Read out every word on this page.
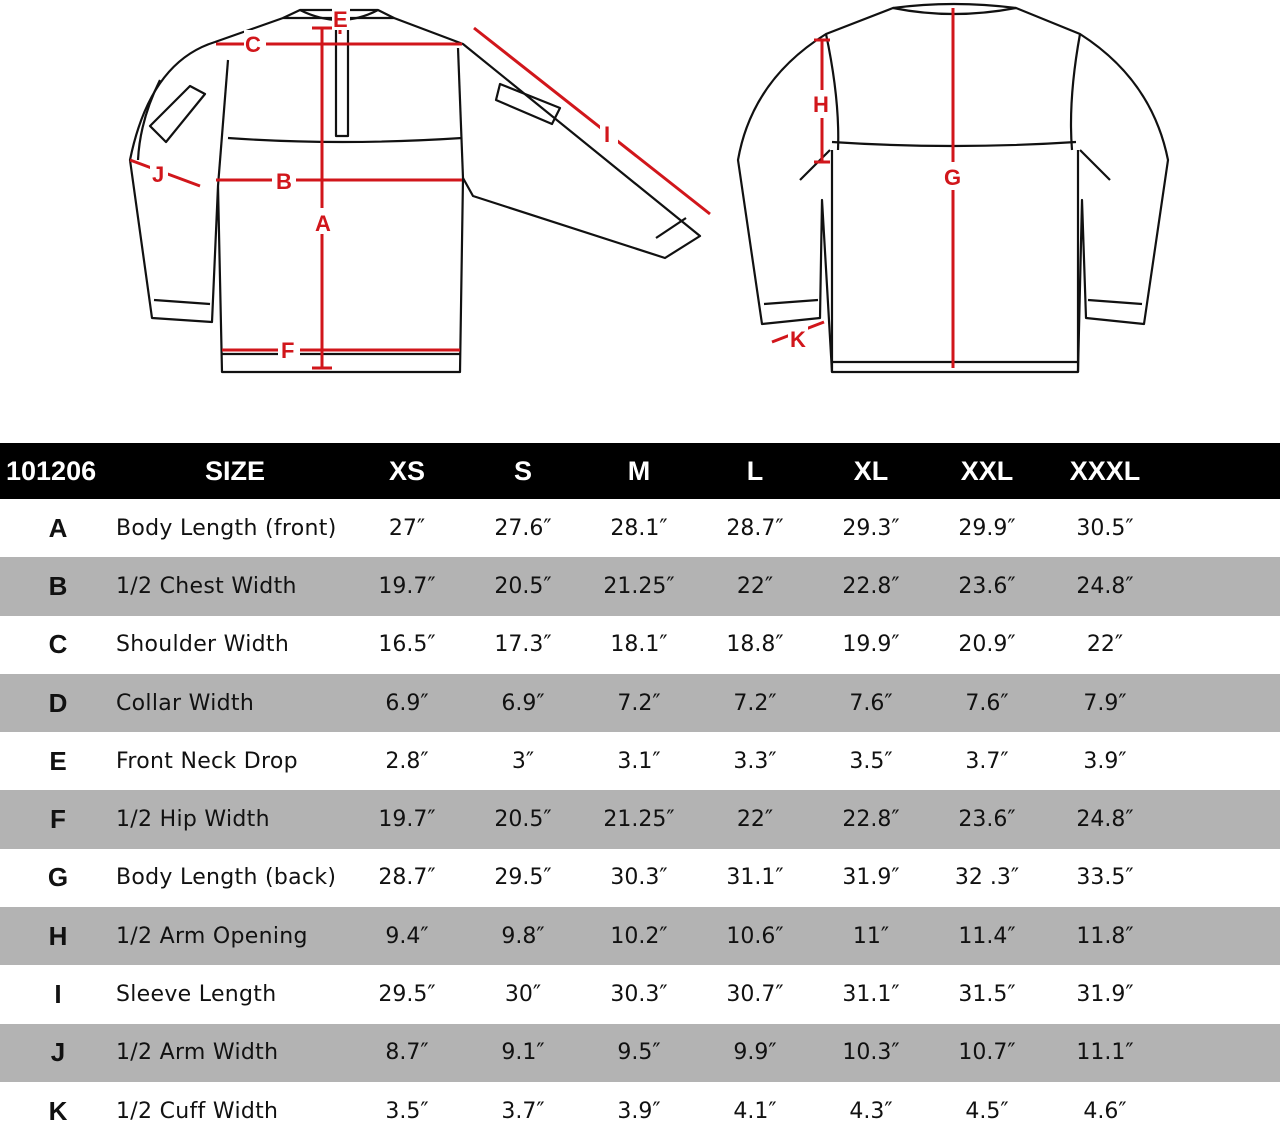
A
B
C
E
F
I
J	G
H
K
101206	SIZE	XS	S	M	L	XL	XXL	XXXL
A	Body Length (front)	27″	27.6″	28.1″	28.7″	29.3″	29.9″	30.5″
B	1/2 Chest Width	19.7″	20.5″	21.25″	22″	22.8″	23.6″	24.8″
C	Shoulder Width	16.5″	17.3″	18.1″	18.8″	19.9″	20.9″	22″
D	Collar Width	6.9″	6.9″	7.2″	7.2″	7.6″	7.6″	7.9″
E	Front Neck Drop	2.8″	3″	3.1″	3.3″	3.5″	3.7″	3.9″
F	1/2 Hip Width	19.7″	20.5″	21.25″	22″	22.8″	23.6″	24.8″
G	Body Length (back)	28.7″	29.5″	30.3″	31.1″	31.9″	32 .3″	33.5″
H	1/2 Arm Opening	9.4″	9.8″	10.2″	10.6″	11″	11.4″	11.8″
I	Sleeve Length	29.5″	30″	30.3″	30.7″	31.1″	31.5″	31.9″
J	1/2 Arm Width	8.7″	9.1″	9.5″	9.9″	10.3″	10.7″	11.1″
K	1/2 Cuff Width	3.5″	3.7″	3.9″	4.1″	4.3″	4.5″	4.6″
